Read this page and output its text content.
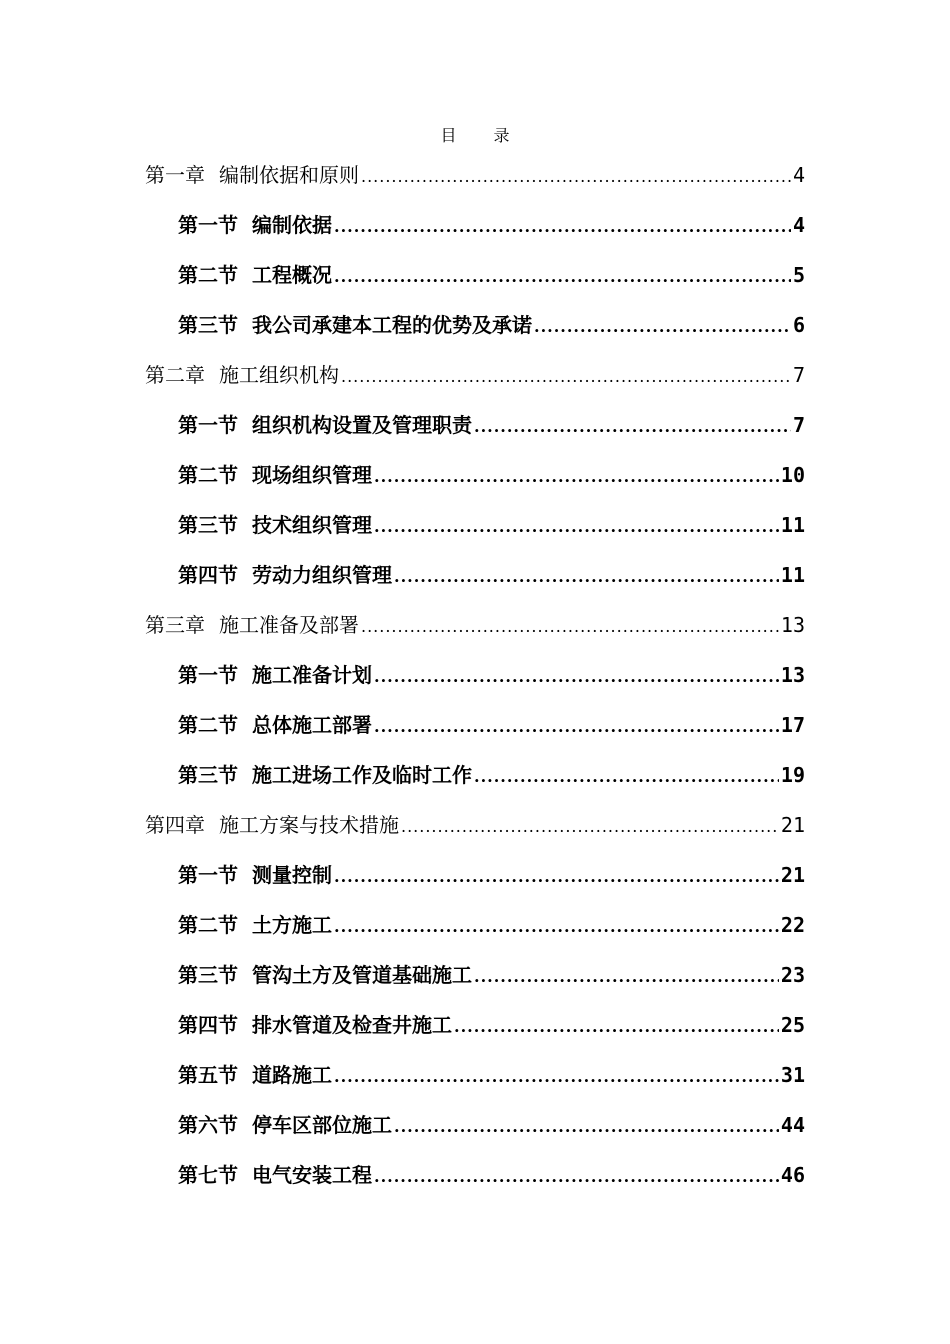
目 录
第一章 编制依据和原则 .....	4
第一节 编制依据 .....	4
第二节 工程概况 .....	5
第三节 我公司承建本工程的优势及承诺 .....	6
第二章 施工组织机构 .....	7
第一节 组织机构设置及管理职责 .....	7
第二节 现场组织管理 .....	10
第三节 技术组织管理 .....	11
第四节 劳动力组织管理 .....	11
第三章 施工准备及部署 .....	13
第一节 施工准备计划 .....	13
第二节 总体施工部署 .....	17
第三节 施工进场工作及临时工作 .....	19
第四章 施工方案与技术措施 .....	21
第一节 测量控制 .....	21
第二节 土方施工 .....	22
第三节 管沟土方及管道基础施工 .....	23
第四节 排水管道及检查井施工 .....	25
第五节 道路施工 .....	31
第六节 停车区部位施工 .....	44
第七节 电气安装工程 .....	46
